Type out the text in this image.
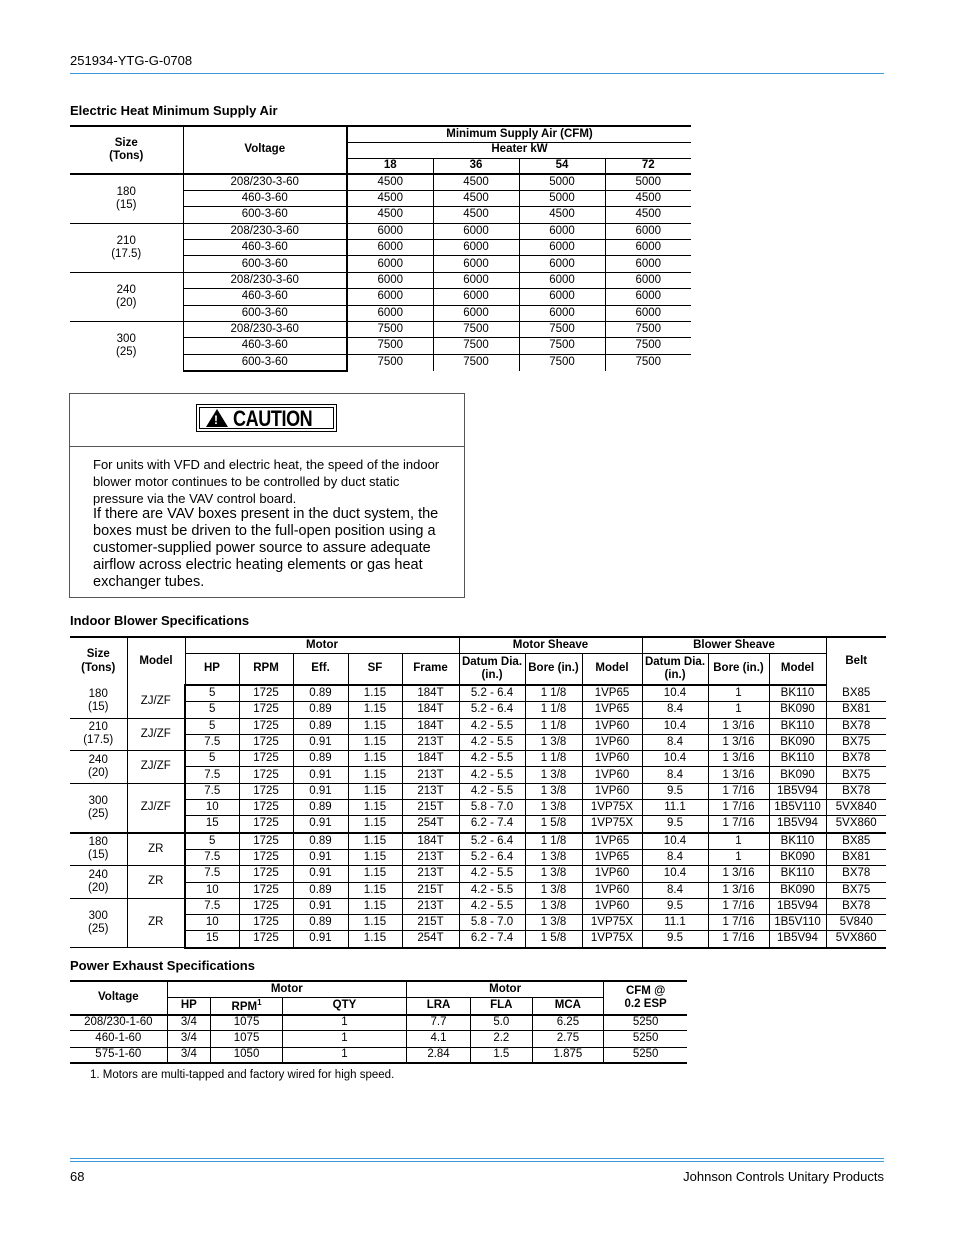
251934-YTG-G-0708
Electric Heat Minimum Supply Air
Size
(Tons)	Voltage	Minimum Supply Air (CFM)			
		Heater kW			
		18	36	54	72
180
(15)	208/230-3-60	4500	4500	5000	5000
	460-3-60	4500	4500	5000	4500
	600-3-60	4500	4500	4500	4500
210
(17.5)	208/230-3-60	6000	6000	6000	6000
	460-3-60	6000	6000	6000	6000
	600-3-60	6000	6000	6000	6000
240
(20)	208/230-3-60	6000	6000	6000	6000
	460-3-60	6000	6000	6000	6000
	600-3-60	6000	6000	6000	6000
300
(25)	208/230-3-60	7500	7500	7500	7500
	460-3-60	7500	7500	7500	7500
	600-3-60	7500	7500	7500	7500
! CAUTION
For units with VFD and electric heat, the speed of the indoor blower motor continues to be controlled by duct static pressure via the VAV control board.
If there are VAV boxes present in the duct system, the boxes must be driven to the full-open position using a customer-supplied power source to assure adequate airflow across electric heating elements or gas heat exchanger tubes.
Indoor Blower Specifications
Size
(Tons)	Model	Motor					Motor Sheave			Blower Sheave			Belt
		HP	RPM	Eff.	SF	Frame	Datum Dia.
(in.)	Bore (in.)	Model	Datum Dia.
(in.)	Bore (in.)	Model	
180
(15)	ZJ/ZF	5	1725	0.89	1.15	184T	5.2 - 6.4	1 1/8	1VP65	10.4	1	BK110	BX85
		5	1725	0.89	1.15	184T	5.2 - 6.4	1 1/8	1VP65	8.4	1	BK090	BX81
210
(17.5)	ZJ/ZF	5	1725	0.89	1.15	184T	4.2 - 5.5	1 1/8	1VP60	10.4	1 3/16	BK110	BX78
		7.5	1725	0.91	1.15	213T	4.2 - 5.5	1 3/8	1VP60	8.4	1 3/16	BK090	BX75
240
(20)	ZJ/ZF	5	1725	0.89	1.15	184T	4.2 - 5.5	1 1/8	1VP60	10.4	1 3/16	BK110	BX78
		7.5	1725	0.91	1.15	213T	4.2 - 5.5	1 3/8	1VP60	8.4	1 3/16	BK090	BX75
300
(25)	ZJ/ZF	7.5	1725	0.91	1.15	213T	4.2 - 5.5	1 3/8	1VP60	9.5	1 7/16	1B5V94	BX78
		10	1725	0.89	1.15	215T	5.8 - 7.0	1 3/8	1VP75X	11.1	1 7/16	1B5V110	5VX840
		15	1725	0.91	1.15	254T	6.2 - 7.4	1 5/8	1VP75X	9.5	1 7/16	1B5V94	5VX860
180
(15)	ZR	5	1725	0.89	1.15	184T	5.2 - 6.4	1 1/8	1VP65	10.4	1	BK110	BX85
		7.5	1725	0.91	1.15	213T	5.2 - 6.4	1 3/8	1VP65	8.4	1	BK090	BX81
240
(20)	ZR	7.5	1725	0.91	1.15	213T	4.2 - 5.5	1 3/8	1VP60	10.4	1 3/16	BK110	BX78
		10	1725	0.89	1.15	215T	4.2 - 5.5	1 3/8	1VP60	8.4	1 3/16	BK090	BX75
300
(25)	ZR	7.5	1725	0.91	1.15	213T	4.2 - 5.5	1 3/8	1VP60	9.5	1 7/16	1B5V94	BX78
		10	1725	0.89	1.15	215T	5.8 - 7.0	1 3/8	1VP75X	11.1	1 7/16	1B5V110	5V840
		15	1725	0.91	1.15	254T	6.2 - 7.4	1 5/8	1VP75X	9.5	1 7/16	1B5V94	5VX860
Power Exhaust Specifications
Voltage	Motor			Motor			CFM @
0.2 ESP
	HP	RPM$^1$	QTY	LRA	FLA	MCA	
208/230-1-60	3/4	1075	1	7.7	5.0	6.25	5250
460-1-60	3/4	1075	1	4.1	2.2	2.75	5250
575-1-60	3/4	1050	1	2.84	1.5	1.875	5250
1. Motors are multi-tapped and factory wired for high speed.
68	Johnson Controls Unitary Products
